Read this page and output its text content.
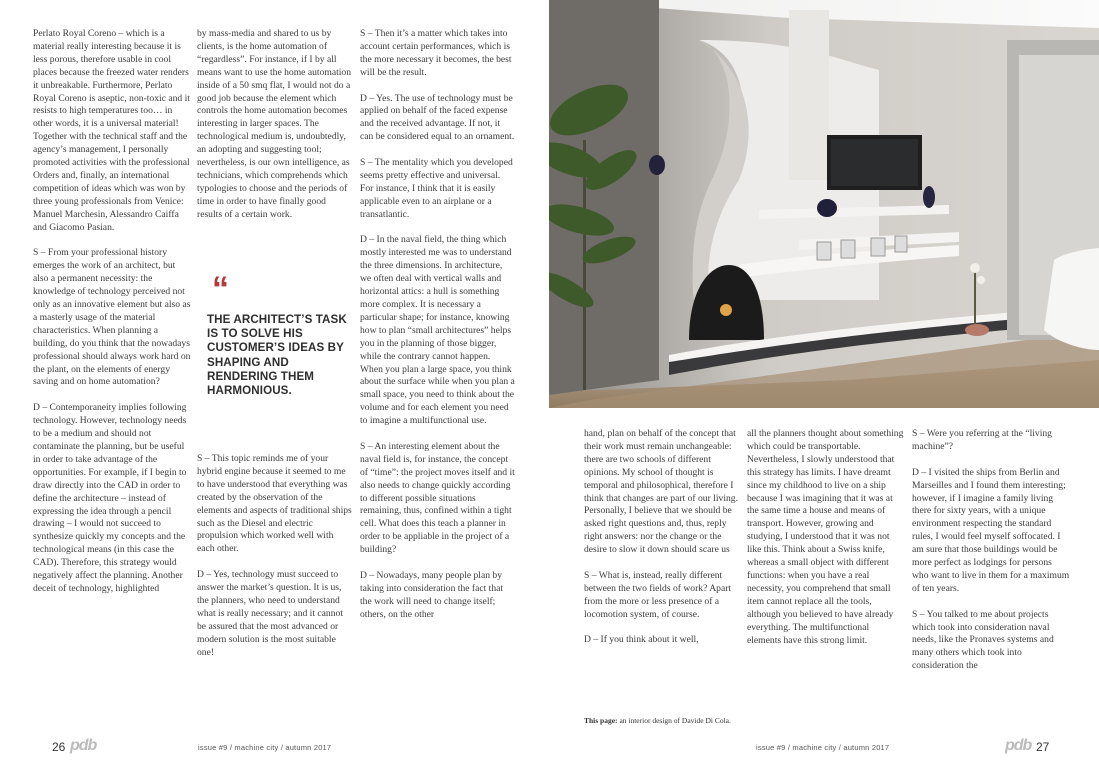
Perlato Royal Coreno – which is a material really interesting because it is less porous, therefore usable in cool places because the freezed water renders it unbreakable. Furthermore, Perlato Royal Coreno is aseptic, non-toxic and it resists to high temperatures too… in other words, it is a universal material! Together with the technical staff and the agency’s management, I personally promoted activities with the professional Orders and, finally, an international competition of ideas which was won by three young professionals from Venice: Manuel Marchesin, Alessandro Caiffa and Giacomo Pasian.

S – From your professional history emerges the work of an architect, but also a permanent necessity: the knowledge of technology perceived not only as an innovative element but also as a masterly usage of the material characteristics. When planning a building, do you think that the nowadays professional should always work hard on the plant, on the elements of energy saving and on home automation?

D – Contemporaneity implies following technology. However, technology needs to be a medium and should not contaminate the planning, but be useful in order to take advantage of the opportunities. For example, if I begin to draw directly into the CAD in order to define the architecture – instead of expressing the idea through a pencil drawing – I would not succeed to synthesize quickly my concepts and the technological means (in this case the CAD). Therefore, this strategy would negatively affect the planning. Another deceit of technology, highlighted

by mass-media and shared to us by clients, is the home automation of “regardless”. For instance, if I by all means want to use the home automation inside of a 50 smq flat, I would not do a good job because the element which controls the home automation becomes interesting in larger spaces. The technological medium is, undoubtedly, an adopting and suggesting tool; nevertheless, is our own intelligence, as technicians, which comprehends which typologies to choose and the periods of time in order to have finally good results of a certain work.

“
THE ARCHITECT’S TASK IS TO SOLVE HIS CUSTOMER’S IDEAS BY SHAPING AND RENDERING THEM HARMONIOUS.

S – This topic reminds me of your hybrid engine because it seemed to me to have understood that everything was created by the observation of the elements and aspects of traditional ships such as the Diesel and electric propulsion which worked well with each other.

D – Yes, technology must succeed to answer the market’s question. It is us, the planners, who need to understand what is really necessary; and it cannot be assured that the most advanced or modern solution is the most suitable one!

S – Then it’s a matter which takes into account certain performances, which is the more necessary it becomes, the best will be the result.

D – Yes. The use of technology must be applied on behalf of the faced expense and the received advantage. If not, it can be considered equal to an ornament.

S – The mentality which you developed seems pretty effective and universal. For instance, I think that it is easily applicable even to an airplane or a transatlantic.

D – In the naval field, the thing which mostly interested me was to understand the three dimensions. In architecture, we often deal with vertical walls and horizontal attics: a hull is something more complex. It is necessary a particular shape; for instance, knowing how to plan “small architectures” helps you in the planning of those bigger, while the contrary cannot happen. When you plan a large space, you think about the surface while when you plan a small space, you need to think about the volume and for each element you need to imagine a multifunctional use.

S – An interesting element about the naval field is, for instance, the concept of “time”: the project moves itself and it also needs to change quickly according to different possible situations remaining, thus, confined within a tight cell. What does this teach a planner in order to be appliable in the project of a building?

D – Nowadays, many people plan by taking into consideration the fact that the work will need to change itself; others, on the other

26 pdb	issue #9 / machine city / autumn 2017

hand, plan on behalf of the concept that their work must remain unchangeable: there are two schools of different opinions. My school of thought is temporal and philosophical, therefore I think that changes are part of our living. Personally, I believe that we should be asked right questions and, thus, reply right answers: nor the change or the desire to slow it down should scare us

S – What is, instead, really different between the two fields of work? Apart from the more or less presence of a locomotion system, of course.

D – If you think about it well,

all the planners thought about something which could be transportable. Nevertheless, I slowly understood that this strategy has limits. I have dreamt since my childhood to live on a ship because I was imagining that it was at the same time a house and means of transport. However, growing and studying, I understood that it was not like this. Think about a Swiss knife, whereas a small object with different functions: when you have a real necessity, you comprehend that small item cannot replace all the tools, although you believed to have already everything. The multifunctional elements have this strong limit.

S – Were you referring at the “living machine”?

D – I visited the ships from Berlin and Marseilles and I found them interesting; however, if I imagine a family living there for sixty years, with a unique environment respecting the standard rules, I would feel myself soffocated. I am sure that those buildings would be more perfect as lodgings for persons who want to live in them for a maximum of ten years.

S – You talked to me about projects which took into consideration naval needs, like the Pronaves systems and many others which took into consideration the

This page: an interior design of Davide Di Cola.
issue #9 / machine city / autumn 2017	pdb 27
